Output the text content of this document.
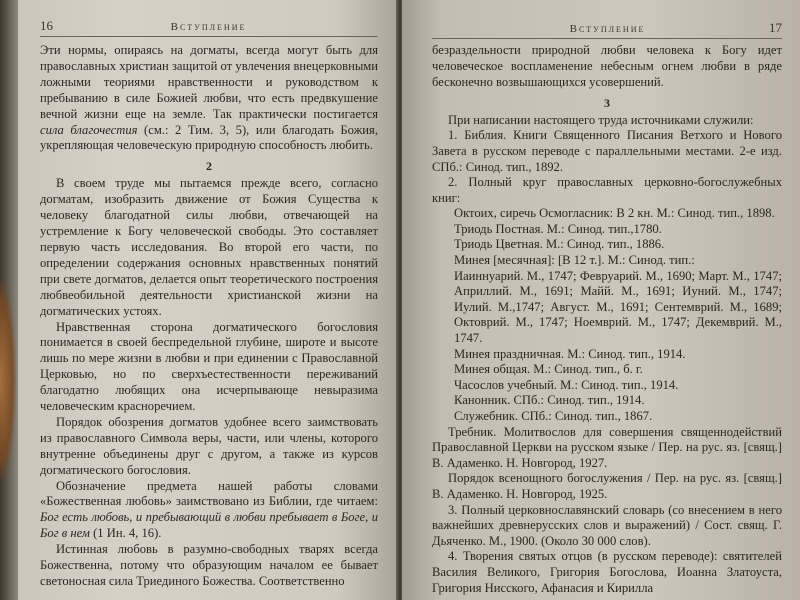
16	Вступление

Эти нормы, опираясь на догматы, всегда могут быть для православных христиан защитой от увлечения внецерковными ложными теориями нравственности и руководством к пребыванию в силе Божией любви, что есть предвкушение вечной жизни еще на земле. Так практически постигается сила благочестия (см.: 2 Тим. 3, 5), или благодать Божия, укрепляющая человеческую природную способность любить.

2

В своем труде мы пытаемся прежде всего, согласно догматам, изобразить движение от Божия Существа к человеку благодатной силы любви, отвечающей на устремление к Богу человеческой свободы. Это составляет первую часть исследования. Во второй его части, по определении содержания основных нравственных понятий при свете догматов, делается опыт теоретического построения любвеобильной деятельности христианской жизни на догматических устоях.

Нравственная сторона догматического богословия понимается в своей беспредельной глубине, широте и высоте лишь по мере жизни в любви и при единении с Православной Церковью, но по сверхъестественности переживаний благодатно любящих она исчерпывающе невыразима человеческим красноречием.

Порядок обозрения догматов удобнее всего заимствовать из православного Символа веры, части, или члены, которого внутренне объединены друг с другом, а также из курсов догматического богословия.

Обозначение предмета нашей работы словами «Божественная любовь» заимствовано из Библии, где читаем: Бог есть любовь, и пребывающий в любви пребывает в Боге, и Бог в нем (1 Ин. 4, 16).

Истинная любовь в разумно-свободных тварях всегда Божественна, потому что образующим началом ее бывает светоносная сила Триединого Божества. Соответственно

Вступление	17

безраздельности природной любви человека к Богу идет человеческое воспламенение небесным огнем любви в ряде бесконечно возвышающихся усовершений.

3

При написании настоящего труда источниками служили:

1. Библия. Книги Священного Писания Ветхого и Нового Завета в русском переводе с параллельными местами. 2-е изд. СПб.: Синод. тип., 1892.

2. Полный круг православных церковно-богослужебных книг:

Октоих, сиречь Осмогласник: В 2 кн. М.: Синод. тип., 1898.

Триодь Постная. М.: Синод. тип.,1780.

Триодь Цветная. М.: Синод. тип., 1886.

Минея [месячная]: [В 12 т.]. М.: Синод. тип.:

Иаиннуарий. М., 1747; Февруарий. М., 1690; Март. М., 1747; Априллий. М., 1691; Майй. М., 1691; Иуний. М., 1747; Иулий. М.,1747; Август. М., 1691; Сентемврий. М., 1689; Октоврий. М., 1747; Ноемврий. М., 1747; Декемврий. М., 1747.

Минея праздничная. М.: Синод. тип., 1914.

Минея общая. М.: Синод. тип., б. г.

Часослов учебный. М.: Синод. тип., 1914.

Канонник. СПб.: Синод. тип., 1914.

Служебник. СПб.: Синод. тип., 1867.

Требник. Молитвослов для совершения священнодействий Православной Церкви на русском языке / Пер. на рус. яз. [свящ.] В. Адаменко. Н. Новгород, 1927.

Порядок всенощного богослужения / Пер. на рус. яз. [свящ.] В. Адаменко. Н. Новгород, 1925.

3. Полный церковнославянский словарь (со внесением в него важнейших древнерусских слов и выражений) / Сост. свящ. Г. Дьяченко. М., 1900. (Около 30 000 слов).

4. Творения святых отцов (в русском переводе): святителей Василия Великого, Григория Богослова, Иоанна Златоуста, Григория Нисского, Афанасия и Кирилла
